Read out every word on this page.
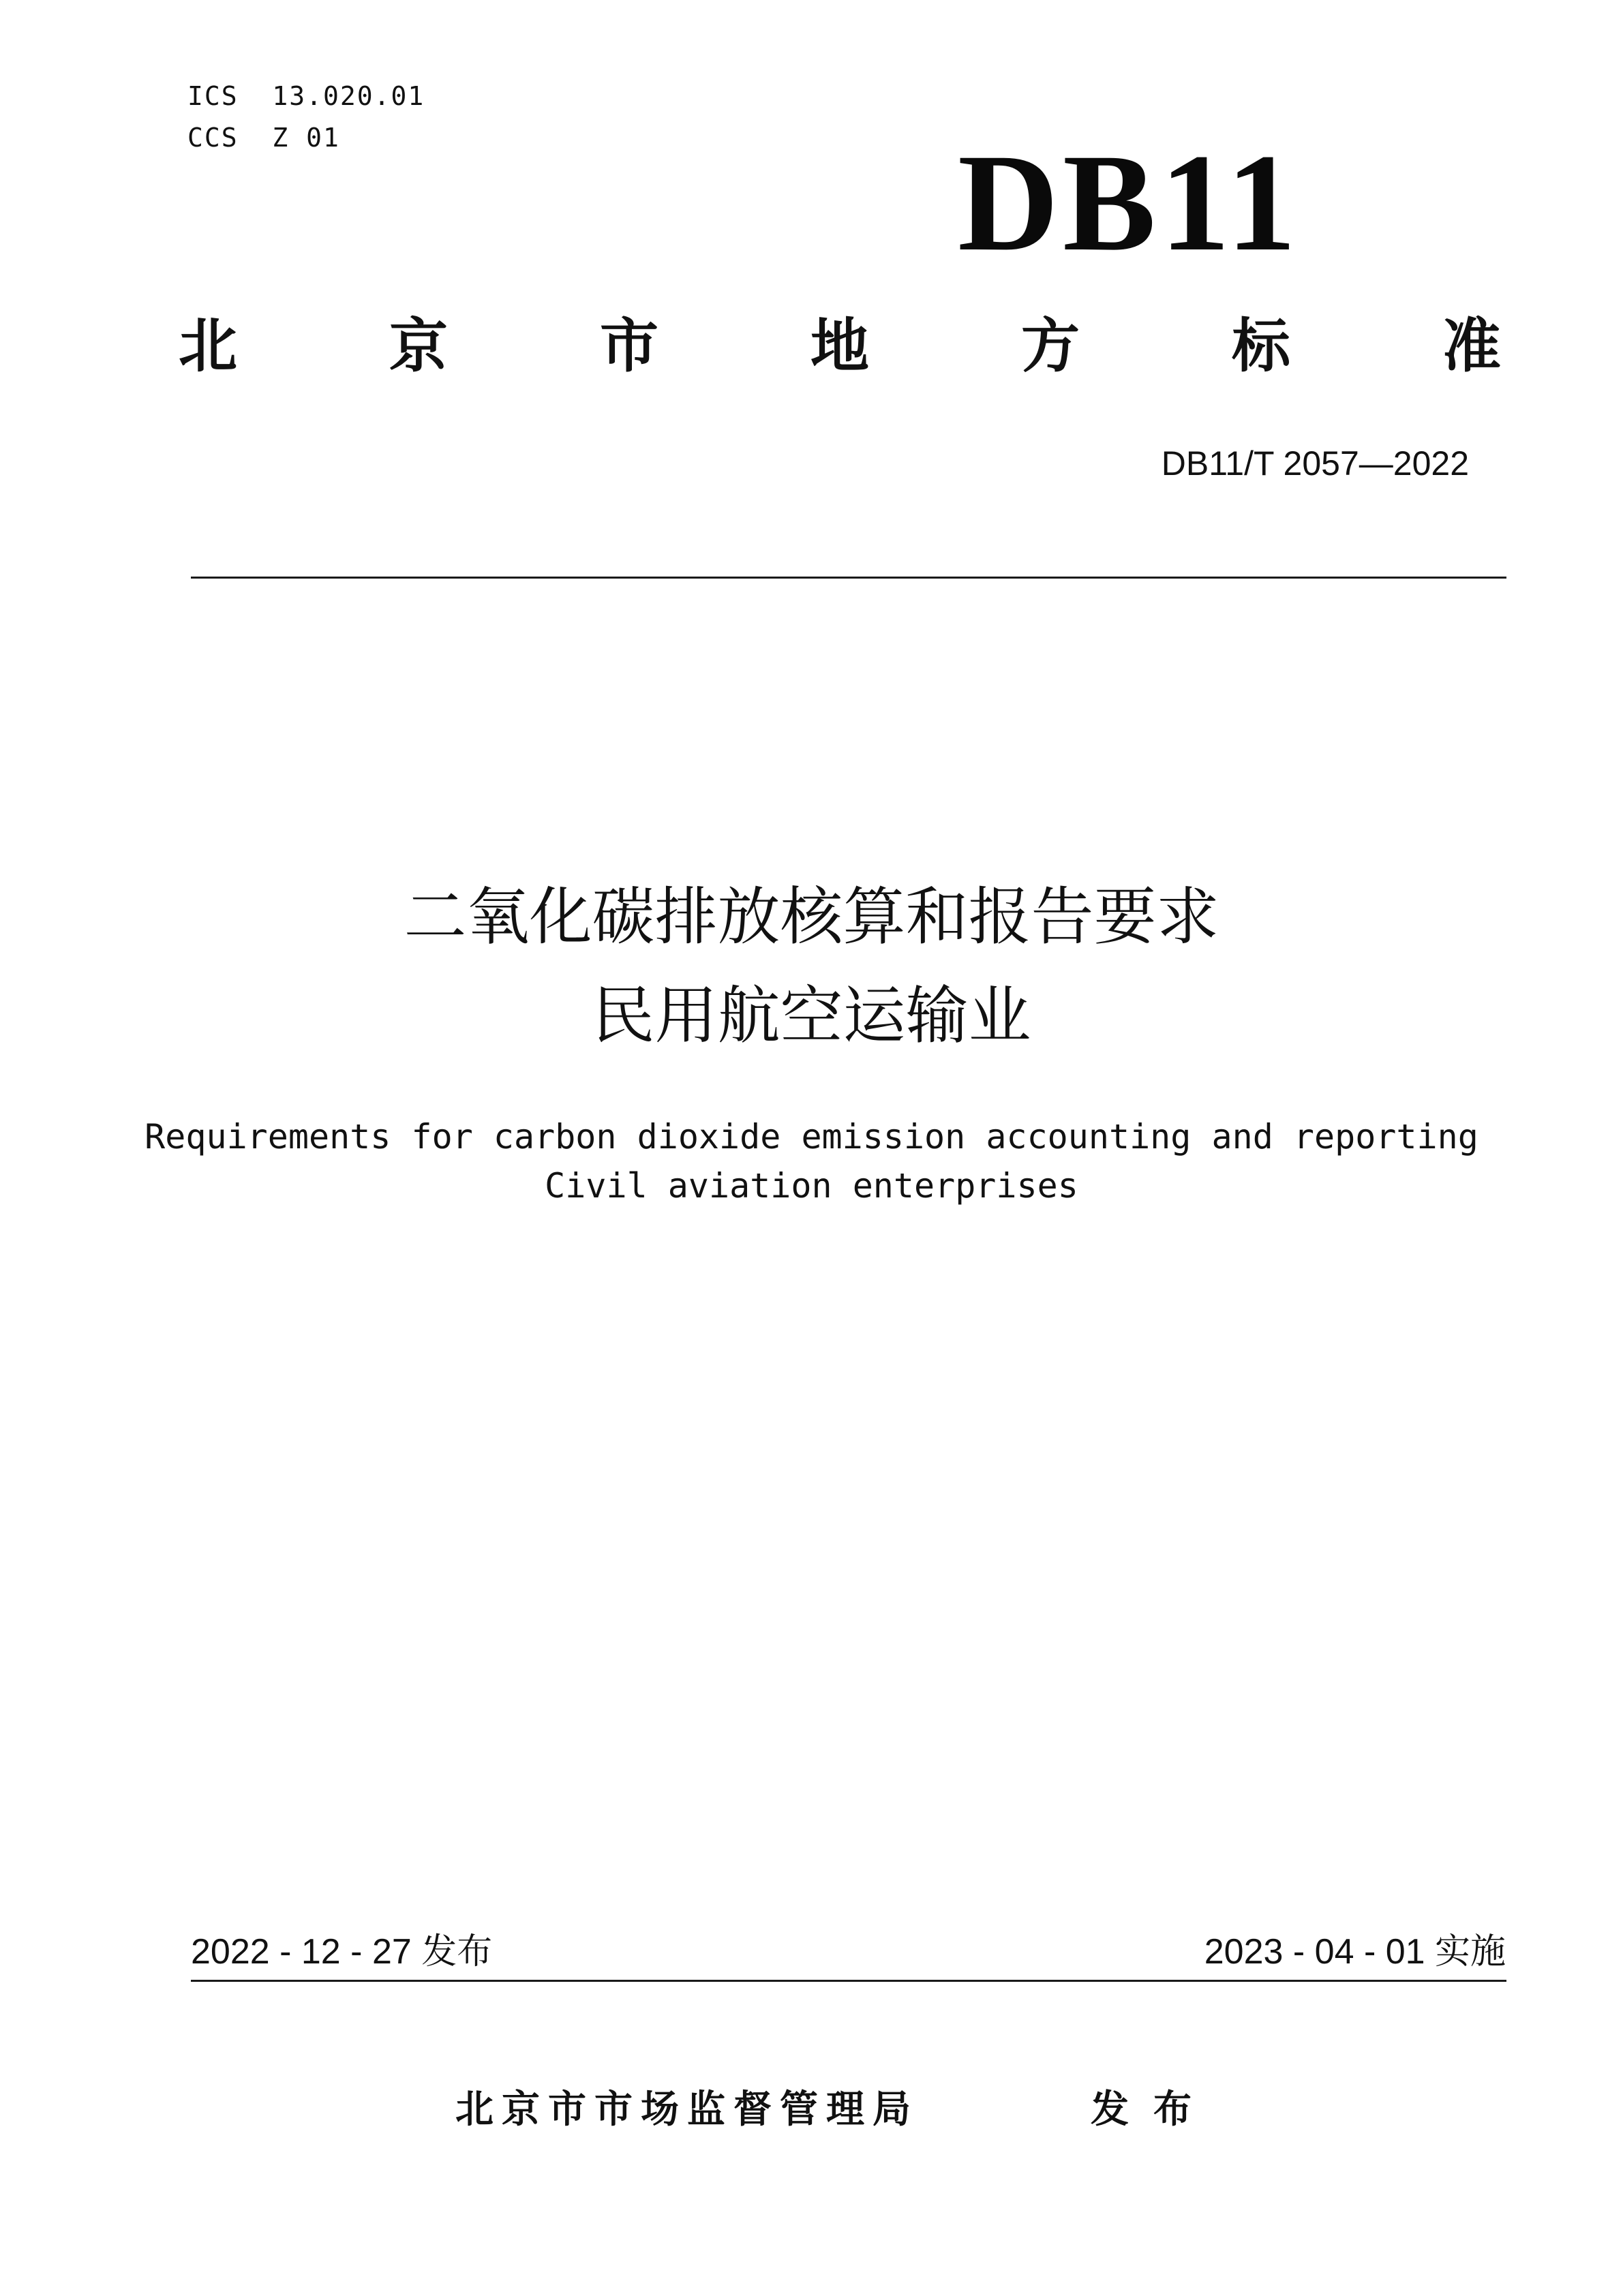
ICS  13.020.01
CCS  Z 01	DB11
北	京	市	地	方	标	准
DB11/T 2057—2022
二氧化碳排放核算和报告要求
民用航空运输业
Requirements for carbon dioxide emission accounting and reporting
Civil aviation enterprises
2022 - 12 - 27 发布	2023 - 04 - 01 实施
北京市市场监督管理局	发布
